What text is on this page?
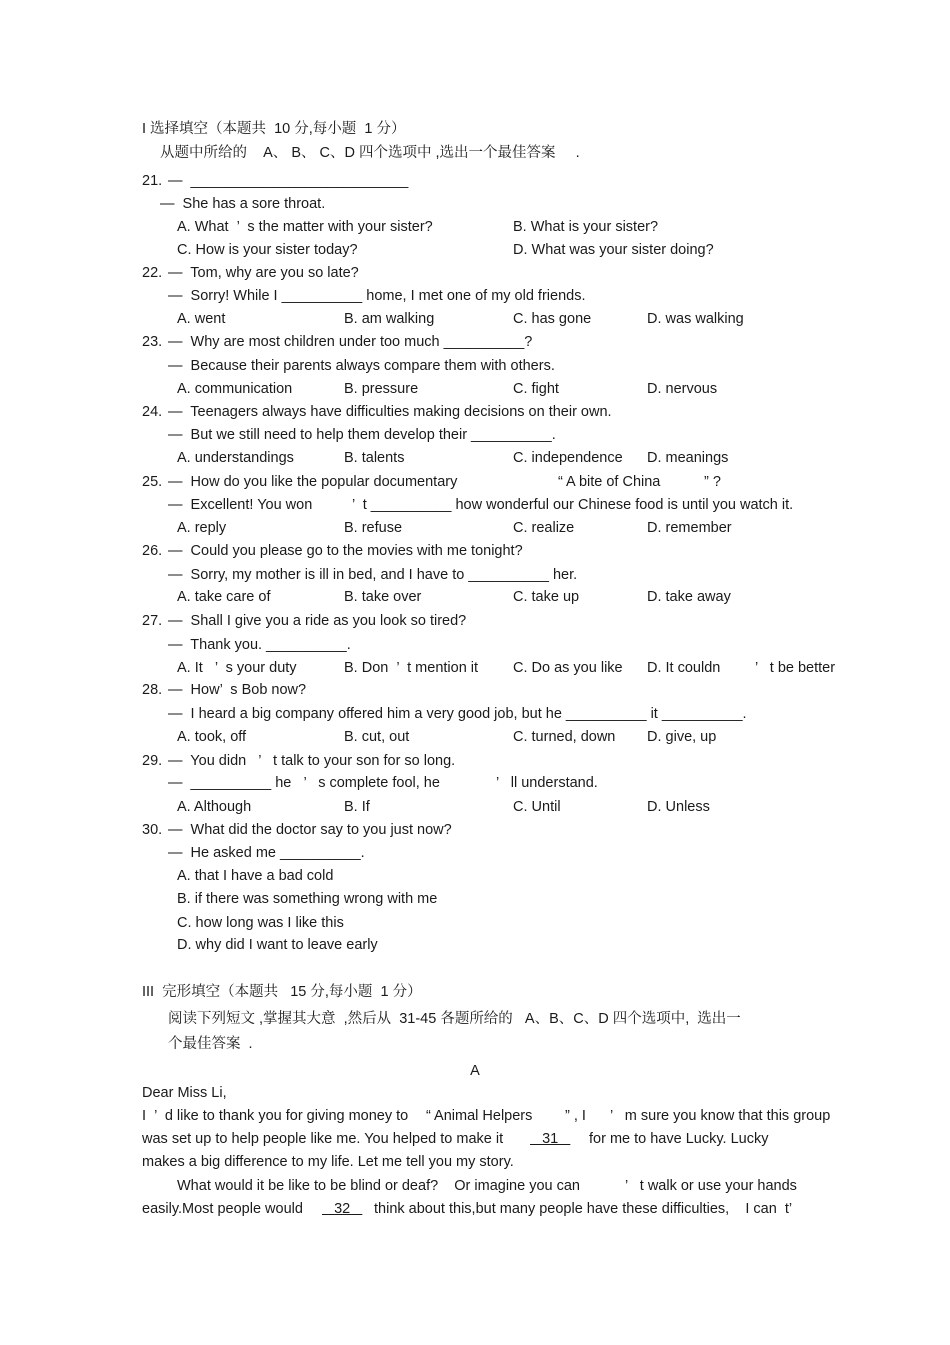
I 选择填空（本题共  10 分,每小题  1 分）
从题中所给的    A、 B、 C、D 四个选项中 ,选出一个最佳答案     .
21. —  ___________________________
—  She has a sore throat.
A. What  ’  s the matter with your sister?	B. What is your sister?
C. How is your sister today?	D. What was your sister doing?
22. —  Tom, why are you so late?
—  Sorry! While I __________ home, I met one of my old friends.
A. went	B. am walking	C. has gone	D. was walking
23. —  Why are most children under too much __________?
—  Because their parents always compare them with others.
A. communication	B. pressure	C. fight	D. nervous
24. —  Teenagers always have difficulties making decisions on their own.
—  But we still need to help them develop their __________.
A. understandings	B. talents	C. independence D. meanings
25. —  How do you like the popular documentary	“ A bite of China	” ?
—  Excellent! You won	’  t __________ how wonderful our Chinese food is until you watch it.
A. reply	B. refuse	C. realize	D. remember
26. —  Could you please go to the movies with me tonight?
—  Sorry, my mother is ill in bed, and I have to __________ her.
A. take care of	B. take over	C. take up	D. take away
27. —  Shall I give you a ride as you look so tired?
—  Thank you. __________.
A. It   ’  s your duty	B. Don  ’  t mention it C. Do as you like D. It couldn ’   t be better
28. —  How’  s Bob now?
—  I heard a big company offered him a very good job, but he __________ it __________.
A. took, off	B. cut, out	C. turned, down D. give, up
29. —  You didn   ’   t talk to your son for so long.
—  __________ he   ’   s complete fool, he	’   ll understand.
A. Although	B. If	C. Until	D. Unless
30. —  What did the doctor say to you just now?
—  He asked me __________.
A. that I have a bad cold
B. if there was something wrong with me
C. how long was I like this
D. why did I want to leave early
III  完形填空（本题共   15 分,每小题  1 分）
阅读下列短文 ,掌握其大意  ,然后从  31-45 各题所给的   A、B、C、D 四个选项中,  选出一
个最佳答案  .
A
Dear Miss Li,
I  ’  d like to thank you for giving money to “ Animal Helpers ” , I ’   m sure you know that this group
was set up to help people like me. You helped to make it 31 for me to have Lucky. Lucky
makes a big difference to my life. Let me tell you my story.
What would it be like to be blind or deaf?    Or imagine you can	’   t walk or use your hands
easily.Most people would 32 think about this,but many people have these difficulties,    I can  t’
